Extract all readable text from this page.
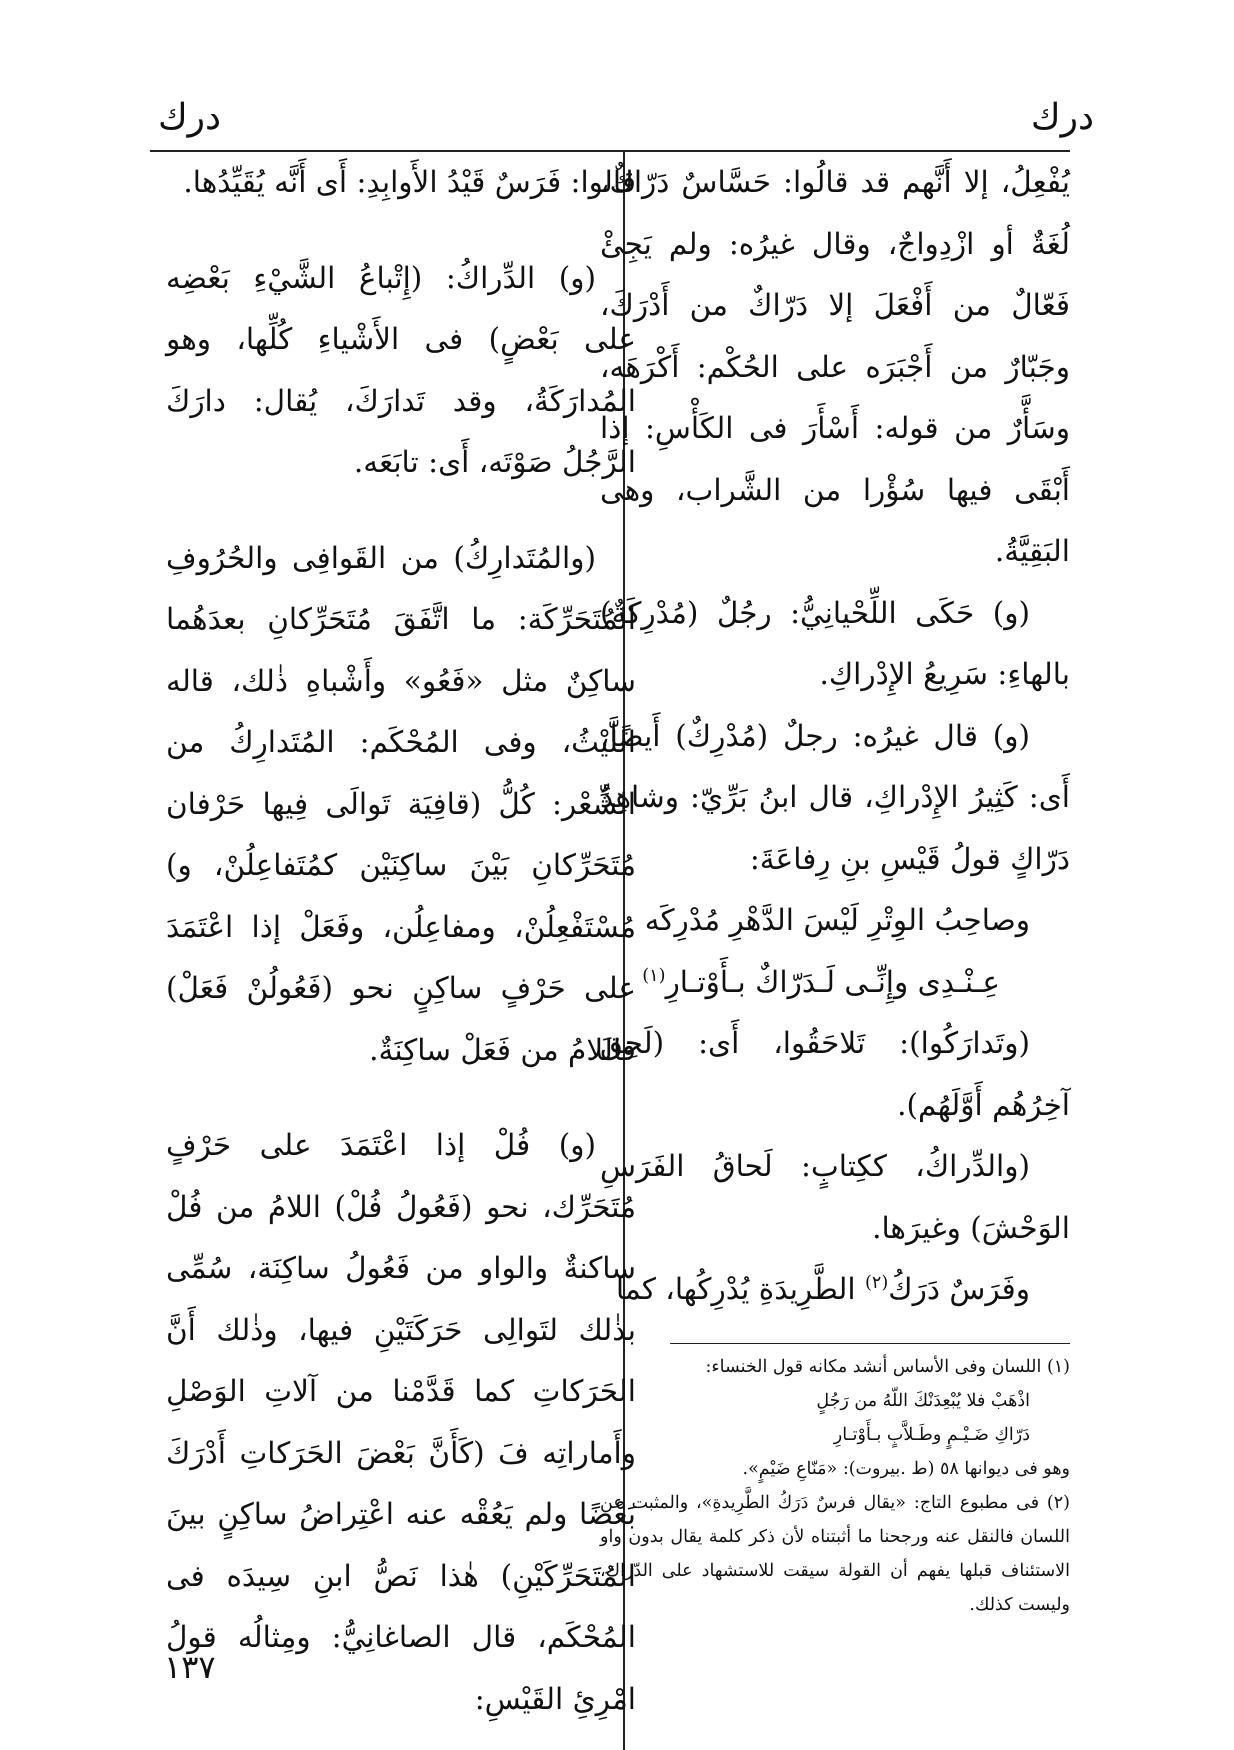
درك
درك

يُفْعِلُ، إلا أَنَّهم قد قالُوا: حَسَّاسٌ دَرّاكٌ، لُغَةٌ أو ازْدِواجٌ، وقال غيرُه: ولم يَجِئْ فَعّالٌ من أَفْعَلَ إلا دَرّاكٌ من أَدْرَكَ، وجَبّارٌ من أَجْبَرَه على الحُكْم: أَكْرَهَه، وسَأَّرٌ من قوله: أَسْأَرَ فى الكَأْسِ: إذا أَبْقَى فيها سُؤْرا من الشَّراب، وهى البَقِيَّةُ.

(و) حَكَى اللِّحْيانِيُّ: رجُلٌ (مُدْرِكَةٌ) بالهاءِ: سَرِيعُ الإِدْراكِ.

(و) قال غيرُه: رجلٌ (مُدْرِكٌ) أَيضًا، أَى: كَثِيرُ الإِدْراكِ، قال ابنُ بَرِّيّ: وشاهِدُ دَرّاكٍ قولُ قَيْسِ بنِ رِفاعَةَ:

وصاحِبُ الوِتْرِ لَيْسَ الدَّهْرِ مُدْرِكَه

عِـنْـدِى وإِنِّـى لَـدَرّاكٌ بـأَوْتـارِ$^{(١)}$

(وتَدارَكُوا): تَلاحَقُوا، أَى: (لَحِقَ آخِرُهُم أَوَّلَهُم).

(والدِّراكُ، ككِتابٍ: لَحاقُ الفَرَسِ الوَحْشَ) وغيرَها.

وفَرَسٌ دَرَكُ$^{(٢)}$ الطَّرِيدَةِ يُدْرِكُها، كما

(١) اللسان وفى الأساس أنشد مكانه قول الخنساء:

اذْهَبْ فلا يُبْعِدَنْكَ اللّهُ من رَجُلٍ

دَرّاكِ ضَـيْـمٍ وطَـلاَّبٍ بـأَوْتـارِ

وهو فى ديوانها ٥٨ (ط .بيروت): «مَنّاعِ ضَيْمٍ».

(٢) فى مطبوع التاج: «يقال فرسٌ دَرَكُ الطَّرِيدةِ»، والمثبت عن اللسان فالنقل عنه ورجحنا ما أثبتناه لأن ذكر كلمة يقال بدون واو الاستئناف قبلها يفهم أن القولة سيقت للاستشهاد على الدّراك، وليست كذلك.

قالوا: فَرَسٌ قَيْدُ الأَوابِدِ: أَى أَنَّه يُقَيِّدُها.

(و) الدِّراكُ: (إِتْباعُ الشَّيْءِ بَعْضِه على بَعْضٍ) فى الأَشْياءِ كُلِّها، وهو المُدارَكَةُ، وقد تَدارَكَ، يُقال: دارَكَ الرَّجُلُ صَوْتَه، أَى: تابَعَه.

(والمُتَدارِكُ) من القَوافِى والحُرُوفِ المُتَحَرِّكَة: ما اتَّفَقَ مُتَحَرِّكانِ بعدَهُما ساكِنٌ مثل «فَعُو» وأَشْباهِ ذٰلك، قاله اللَّيْثُ، وفى المُحْكَم: المُتَدارِكُ من الشِّعْر: كُلُّ (قافِيَة تَوالَى فِيها حَرْفان مُتَحَرِّكانِ بَيْنَ ساكِنَيْن كمُتَفاعِلُنْ، و) مُسْتَفْعِلُنْ، ومفاعِلُن، وفَعَلْ إذا اعْتَمَدَ على حَرْفٍ ساكِنٍ نحو (فَعُولُنْ فَعَلْ) فاللامُ من فَعَلْ ساكِنَةٌ.

(و) فُلْ إذا اعْتَمَدَ على حَرْفٍ مُتَحَرِّك، نحو (فَعُولُ فُلْ) اللامُ من فُلْ ساكنةٌ والواو من فَعُولُ ساكِنَة، سُمِّى بذٰلك لتَوالِى حَرَكَتَيْنِ فيها، وذٰلك أَنَّ الحَرَكاتِ كما قَدَّمْنا من آلاتِ الوَصْلِ وأَماراتِه فَ (كَأَنَّ بَعْضَ الحَرَكاتِ أَدْرَكَ بَعْضًا ولم يَعُقْه عنه اعْتِراضُ ساكِنٍ بينَ المُتَحَرِّكَيْنِ) هٰذا نَصُّ ابنِ سِيدَه فى المُحْكَم، قال الصاغانِيُّ: ومِثالُه قولُ امْرِئِ القَيْسِ:

١٣٧
